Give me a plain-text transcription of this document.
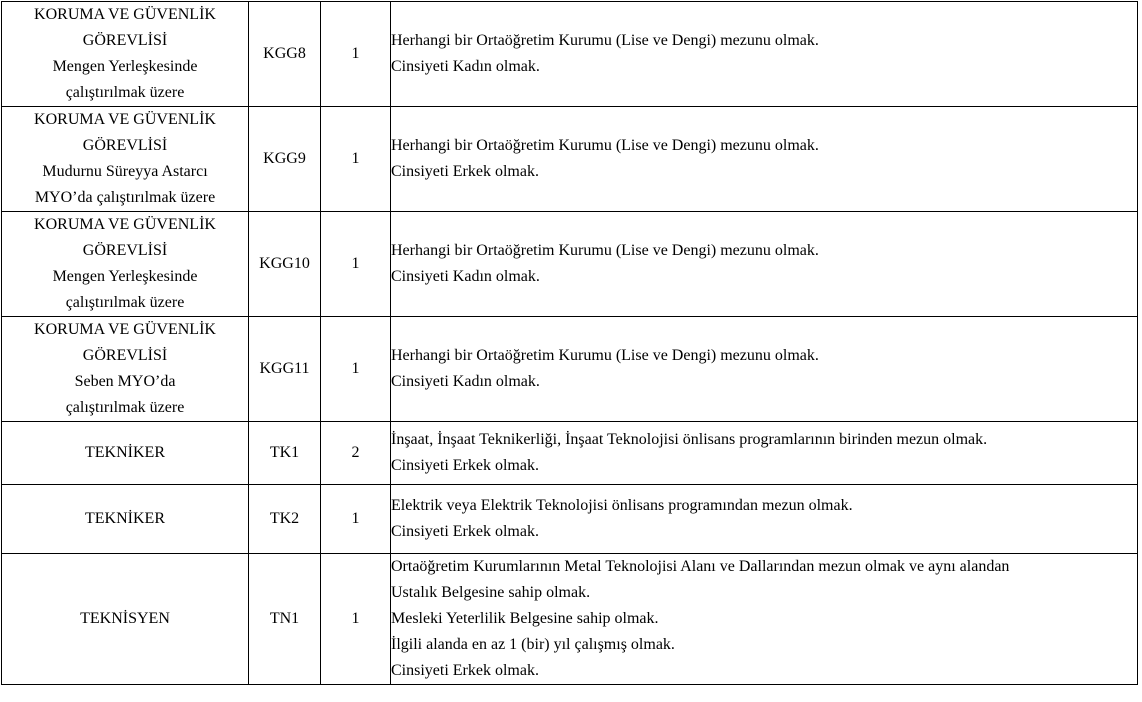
KORUMA VE GÜVENLİK
GÖREVLİSİ
Mengen Yerleşkesinde
çalıştırılmak üzere	KGG8	1	Herhangi bir Ortaöğretim Kurumu (Lise ve Dengi) mezunu olmak.
Cinsiyeti Kadın olmak.

KORUMA VE GÜVENLİK
GÖREVLİSİ
Mudurnu Süreyya Astarcı
MYO’da çalıştırılmak üzere	KGG9	1	Herhangi bir Ortaöğretim Kurumu (Lise ve Dengi) mezunu olmak.
Cinsiyeti Erkek olmak.

KORUMA VE GÜVENLİK
GÖREVLİSİ
Mengen Yerleşkesinde
çalıştırılmak üzere	KGG10	1	Herhangi bir Ortaöğretim Kurumu (Lise ve Dengi) mezunu olmak.
Cinsiyeti Kadın olmak.

KORUMA VE GÜVENLİK
GÖREVLİSİ
Seben MYO’da
çalıştırılmak üzere	KGG11	1	Herhangi bir Ortaöğretim Kurumu (Lise ve Dengi) mezunu olmak.
Cinsiyeti Kadın olmak.

TEKNİKER	TK1	2	İnşaat, İnşaat Teknikerliği, İnşaat Teknolojisi önlisans programlarının birinden mezun olmak.
Cinsiyeti Erkek olmak.

TEKNİKER	TK2	1	Elektrik veya Elektrik Teknolojisi önlisans programından mezun olmak.
Cinsiyeti Erkek olmak.

TEKNİSYEN	TN1	1	Ortaöğretim Kurumlarının Metal Teknolojisi Alanı ve Dallarından mezun olmak ve aynı alandan
Ustalık Belgesine sahip olmak.
Mesleki Yeterlilik Belgesine sahip olmak.
İlgili alanda en az 1 (bir) yıl çalışmış olmak.
Cinsiyeti Erkek olmak.
